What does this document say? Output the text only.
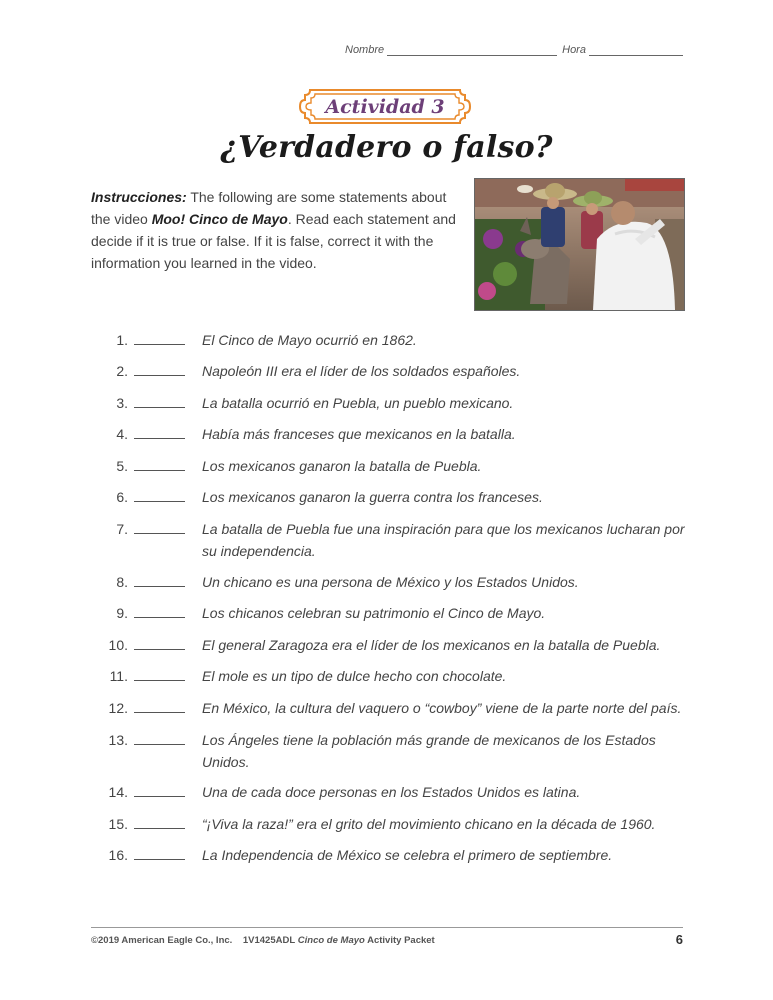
Nombre	Hora
Actividad 3
¿Verdadero o falso?
Instrucciones: The following are some statements about the video Moo! Cinco de Mayo. Read each statement and decide if it is true or false. If it is false, correct it with the information you learned in the video.
1.	El Cinco de Mayo ocurrió en 1862.
2.	Napoleón III era el líder de los soldados españoles.
3.	La batalla ocurrió en Puebla, un pueblo mexicano.
4.	Había más franceses que mexicanos en la batalla.
5.	Los mexicanos ganaron la batalla de Puebla.
6.	Los mexicanos ganaron la guerra contra los franceses.
7.	La batalla de Puebla fue una inspiración para que los mexicanos lucharan por su independencia.
8.	Un chicano es una persona de México y los Estados Unidos.
9.	Los chicanos celebran su patrimonio el Cinco de Mayo.
10.	El general Zaragoza era el líder de los mexicanos en la batalla de Puebla.
11.	El mole es un tipo de dulce hecho con chocolate.
12.	En México, la cultura del vaquero o “cowboy” viene de la parte norte del país.
13.	Los Ángeles tiene la población más grande de mexicanos de los Estados Unidos.
14.	Una de cada doce personas en los Estados Unidos es latina.
15.	“¡Viva la raza!” era el grito del movimiento chicano en la década de 1960.
16.	La Independencia de México se celebra el primero de septiembre.
©2019 American Eagle Co., Inc. 1V1425ADL Cinco de Mayo Activity Packet	6
